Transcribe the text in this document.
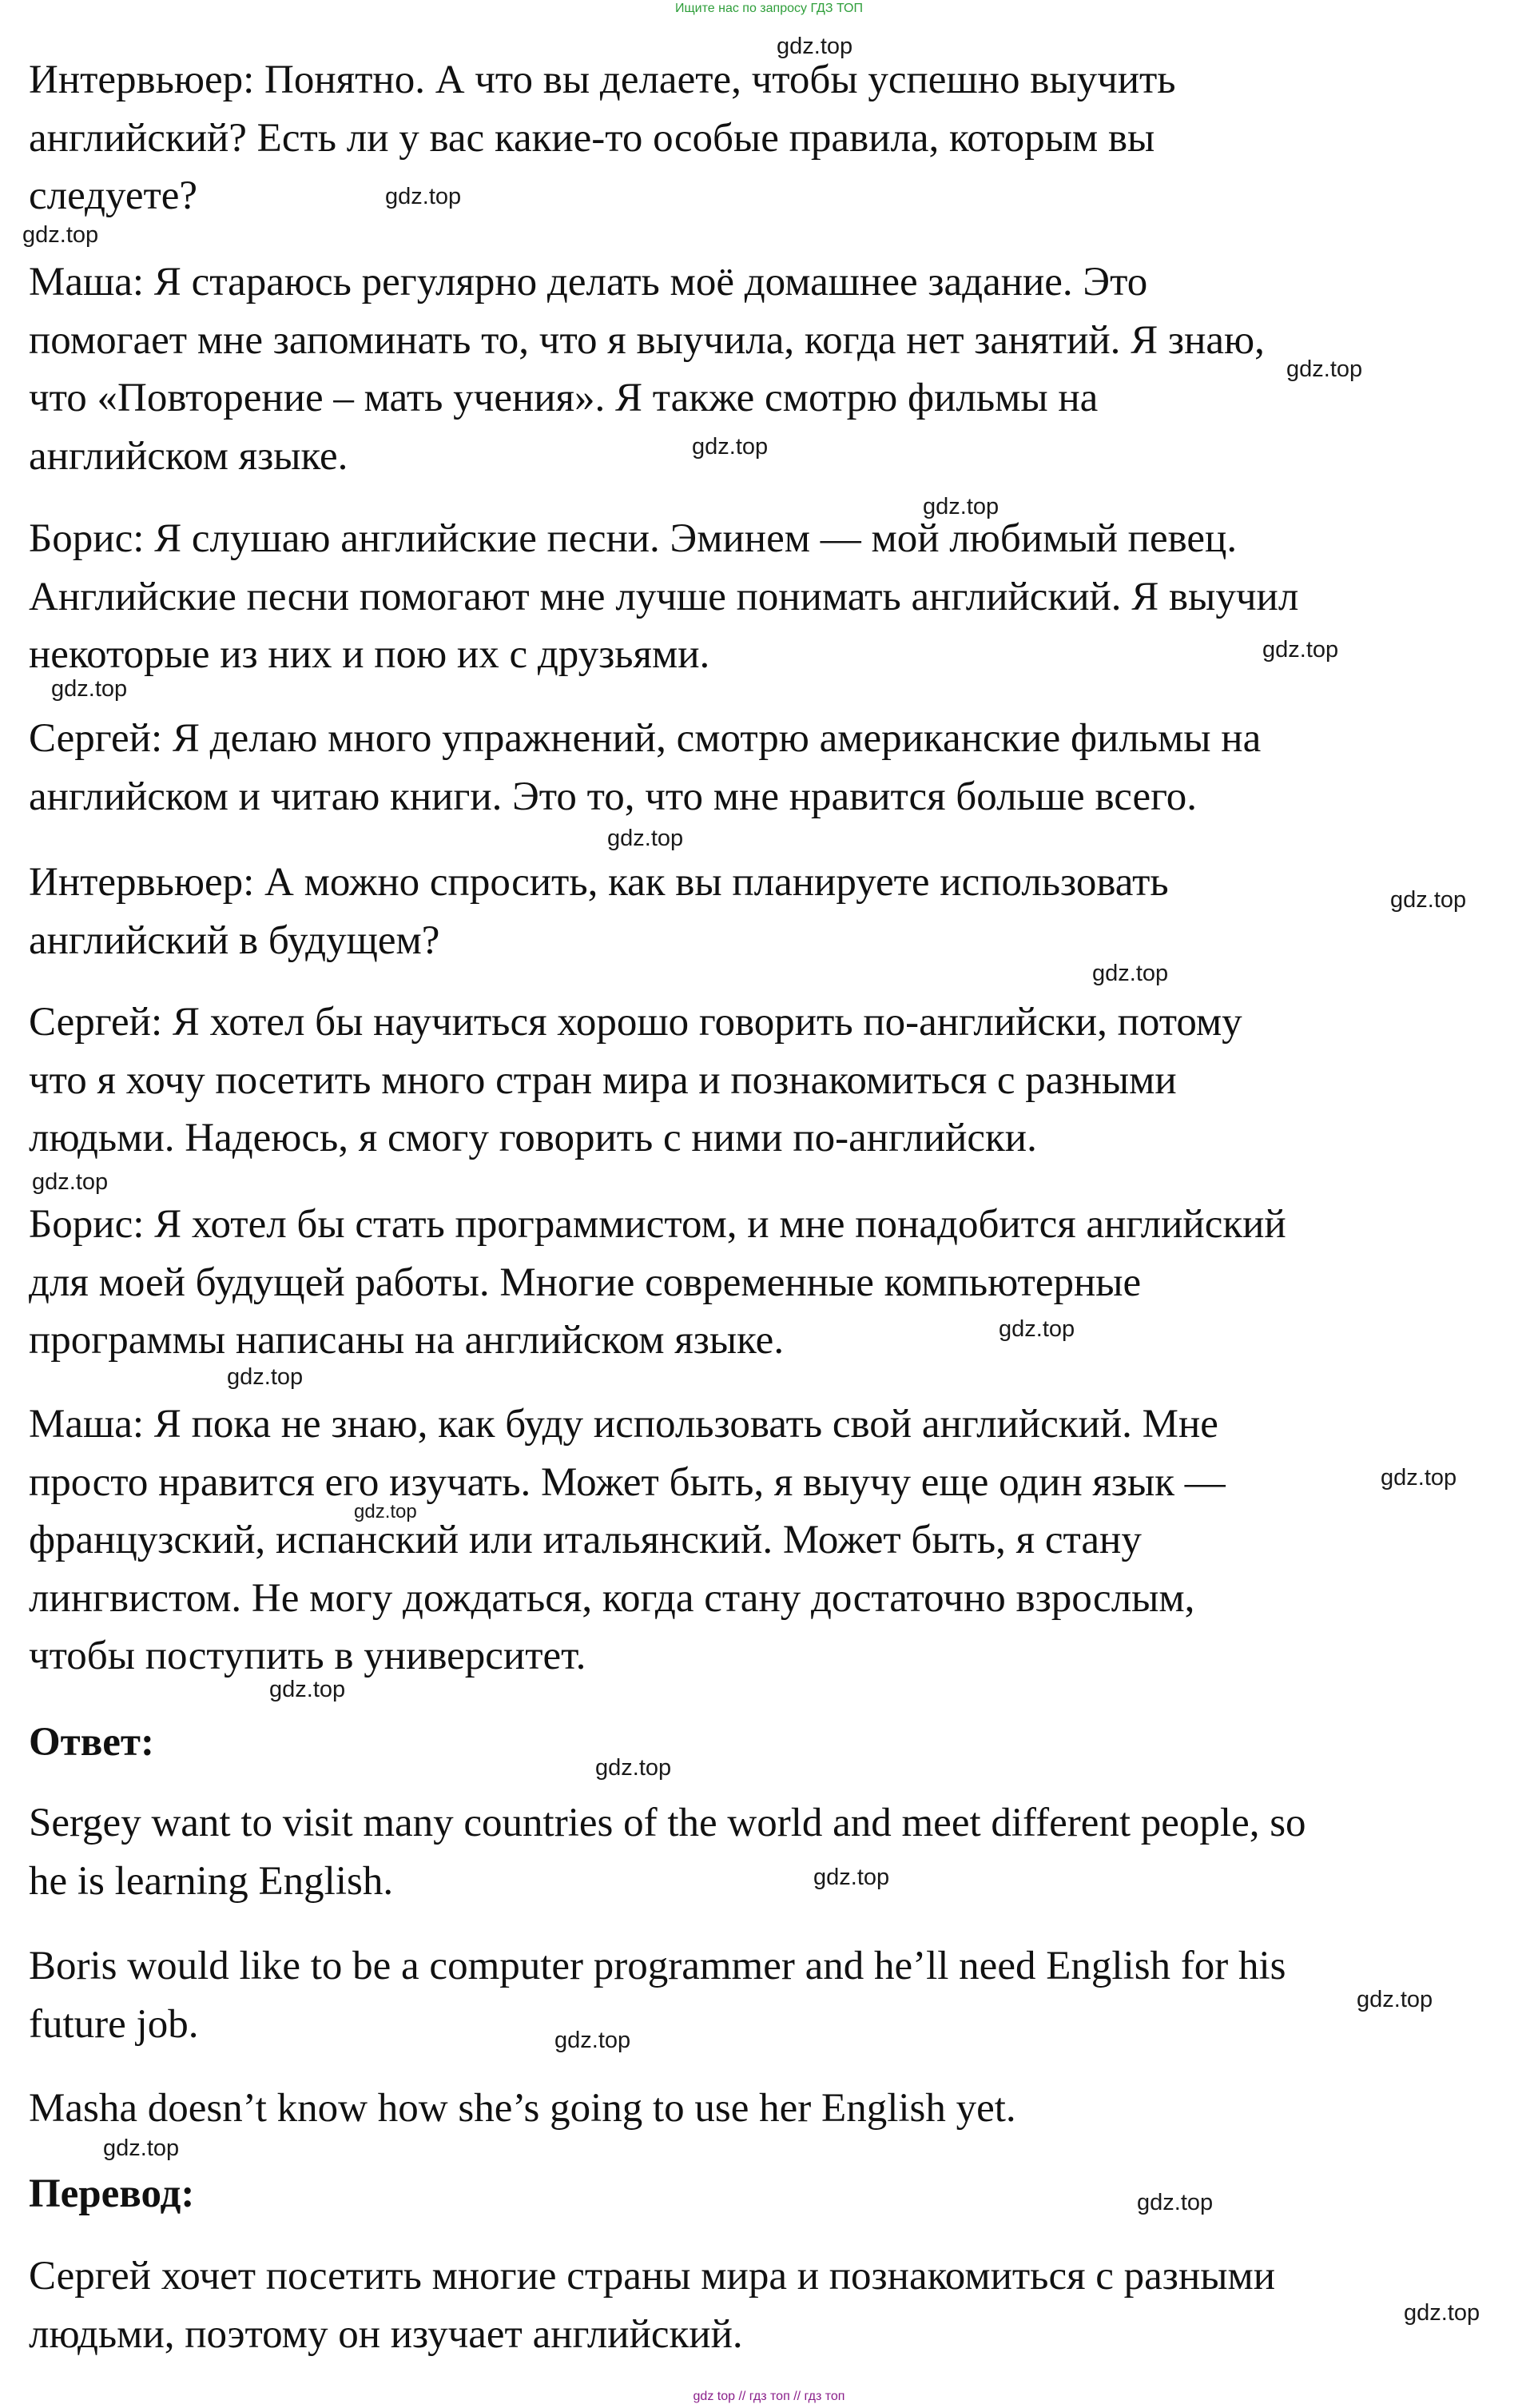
Ищите нас по запросу ГДЗ ТОП
Интервьюер: Понятно. А что вы делаете, чтобы успешно выучить
английский? Есть ли у вас какие-то особые правила, которым вы
следуете?
Маша: Я стараюсь регулярно делать моё домашнее задание. Это
помогает мне запоминать то, что я выучила, когда нет занятий. Я знаю,
что «Повторение – мать учения». Я также смотрю фильмы на
английском языке.
Борис: Я слушаю английские песни. Эминем — мой любимый певец.
Английские песни помогают мне лучше понимать английский. Я выучил
некоторые из них и пою их с друзьями.
Сергей: Я делаю много упражнений, смотрю американские фильмы на
английском и читаю книги. Это то, что мне нравится больше всего.
Интервьюер: А можно спросить, как вы планируете использовать
английский в будущем?
Сергей: Я хотел бы научиться хорошо говорить по-английски, потому
что я хочу посетить много стран мира и познакомиться с разными
людьми. Надеюсь, я смогу говорить с ними по-английски.
Борис: Я хотел бы стать программистом, и мне понадобится английский
для моей будущей работы. Многие современные компьютерные
программы написаны на английском языке.
Маша: Я пока не знаю, как буду использовать свой английский. Мне
просто нравится его изучать. Может быть, я выучу еще один язык —
французский, испанский или итальянский. Может быть, я стану
лингвистом. Не могу дождаться, когда стану достаточно взрослым,
чтобы поступить в университет.
Ответ:
Sergey want to visit many countries of the world and meet different people, so
he is learning English.
Boris would like to be a computer programmer and he’ll need English for his
future job.
Masha doesn’t know how she’s going to use her English yet.
Перевод:
Сергей хочет посетить многие страны мира и познакомиться с разными
людьми, поэтому он изучает английский.
gdz.top
gdz.top
gdz.top
gdz.top
gdz.top
gdz.top
gdz.top
gdz.top
gdz.top
gdz.top
gdz.top
gdz.top
gdz.top
gdz.top
gdz.top
gdz.top
gdz.top
gdz.top
gdz.top
gdz.top
gdz.top
gdz.top
gdz.top
gdz.top
gdz top // гдз топ // гдз топ
